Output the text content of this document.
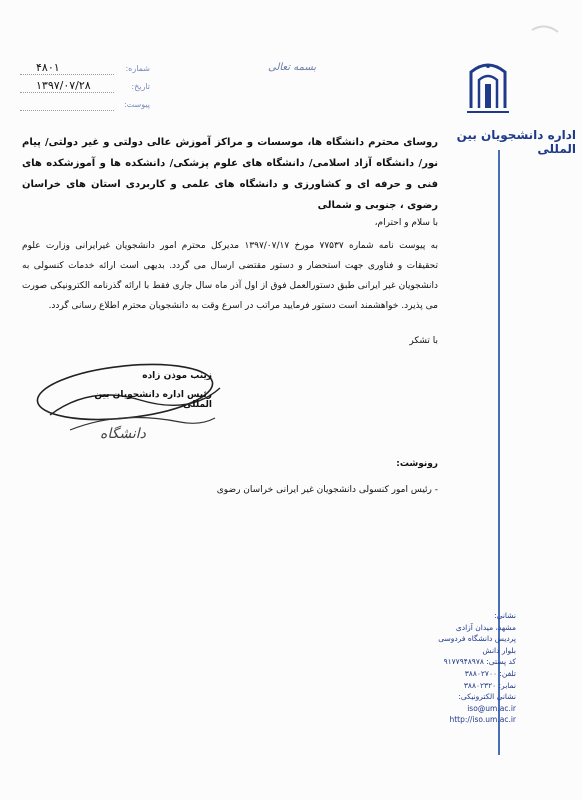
اداره دانشجویان بین المللی
بسمه تعالی
شماره:
۴۸۰۱
تاریخ:
۱۳۹۷/۰۷/۲۸
پیوست:
روسای محترم دانشگاه ها، موسسات و مراکز آموزش عالی دولتی و غیر دولتی/ پیام نور/ دانشگاه آزاد اسلامی/ دانشگاه های علوم پزشکی/ دانشکده ها و آموزشکده های فنی و حرفه ای و کشاورزی و دانشگاه های علمی و کاربردی استان های خراسان رضوی ، جنوبی و شمالی
با سلام و احترام،
به پیوست نامه شماره ۷۷۵۳۷ مورخ ۱۳۹۷/۰۷/۱۷ مدیرکل محترم امور دانشجویان غیرایرانی وزارت علوم تحقیقات و فناوری جهت استحضار و دستور مقتضی ارسال می گردد. بدیهی است ارائه خدمات کنسولی به دانشجویان غیر ایرانی طبق دستورالعمل فوق از اول آذر ماه سال جاری فقط با ارائه گذرنامه الکترونیکی صورت می پذیرد. خواهشمند است دستور فرمایید مراتب در اسرع وقت به دانشجویان محترم اطلاع رسانی گردد.
با تشکر
دانشگاه
زینب موذن زاده
رئیس اداره دانشجویان بین المللی
رونوشت:
- رئیس امور کنسولی دانشجویان غیر ایرانی خراسان رضوی
نشانی:
مشهد، میدان آزادی
پردیس دانشگاه فردوسی
بلوار دانش
کد پستی: ۹۱۷۷۹۴۸۹۷۸
تلفن: ۳۸۸۰۲۷۰۰
نمابر: ۳۸۸۰۲۳۲۰
نشانی الکترونیکی:
iso@um.ac.ir
http://iso.um.ac.ir
